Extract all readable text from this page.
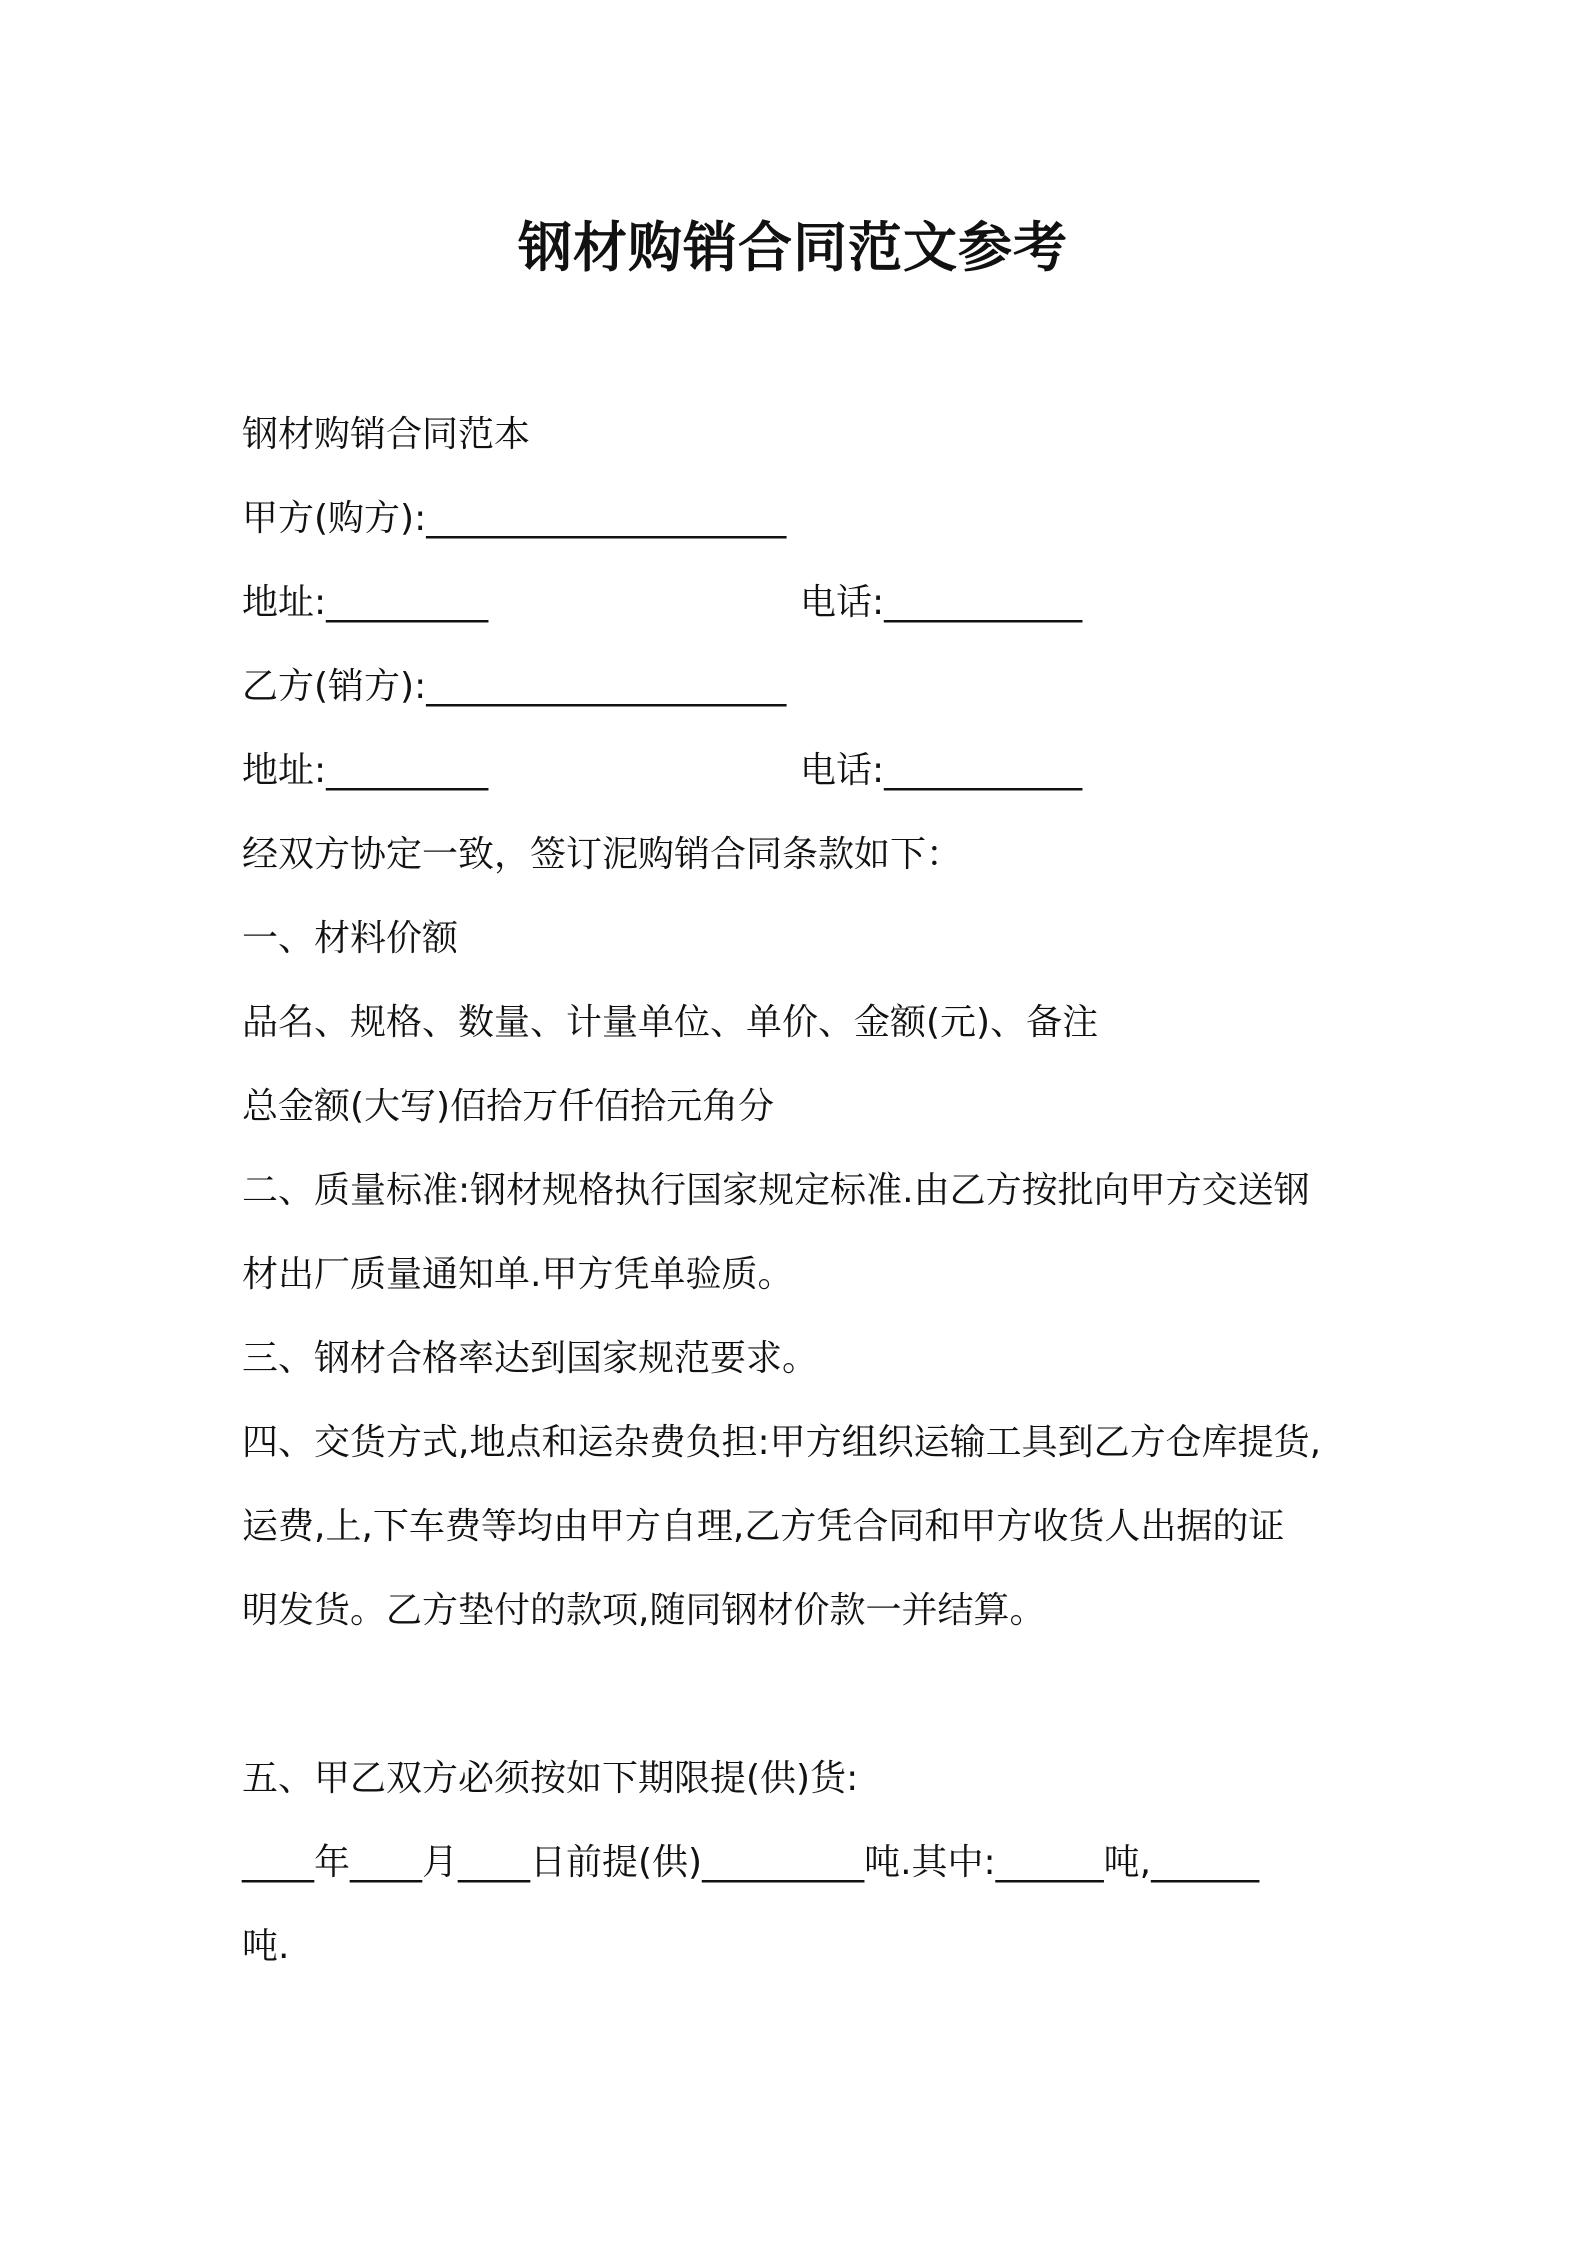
钢材购销合同范文参考

钢材购销合同范本

甲方(购方):____________________

地址:_________	电话:___________

乙方(销方):____________________

地址:_________	电话:___________

经双方协定一致，签订泥购销合同条款如下：

一、材料价额

品名、规格、数量、计量单位、单价、金额(元)、备注

总金额(大写)佰拾万仟佰拾元角分

二、质量标准:钢材规格执行国家规定标准.由乙方按批向甲方交送钢

材出厂质量通知单.甲方凭单验质。

三、钢材合格率达到国家规范要求。

四、交货方式,地点和运杂费负担:甲方组织运输工具到乙方仓库提货,

运费,上,下车费等均由甲方自理,乙方凭合同和甲方收货人出据的证

明发货。乙方垫付的款项,随同钢材价款一并结算。

五、甲乙双方必须按如下期限提(供)货:

____年____月____日前提(供)_________吨.其中:______吨,______

吨.
